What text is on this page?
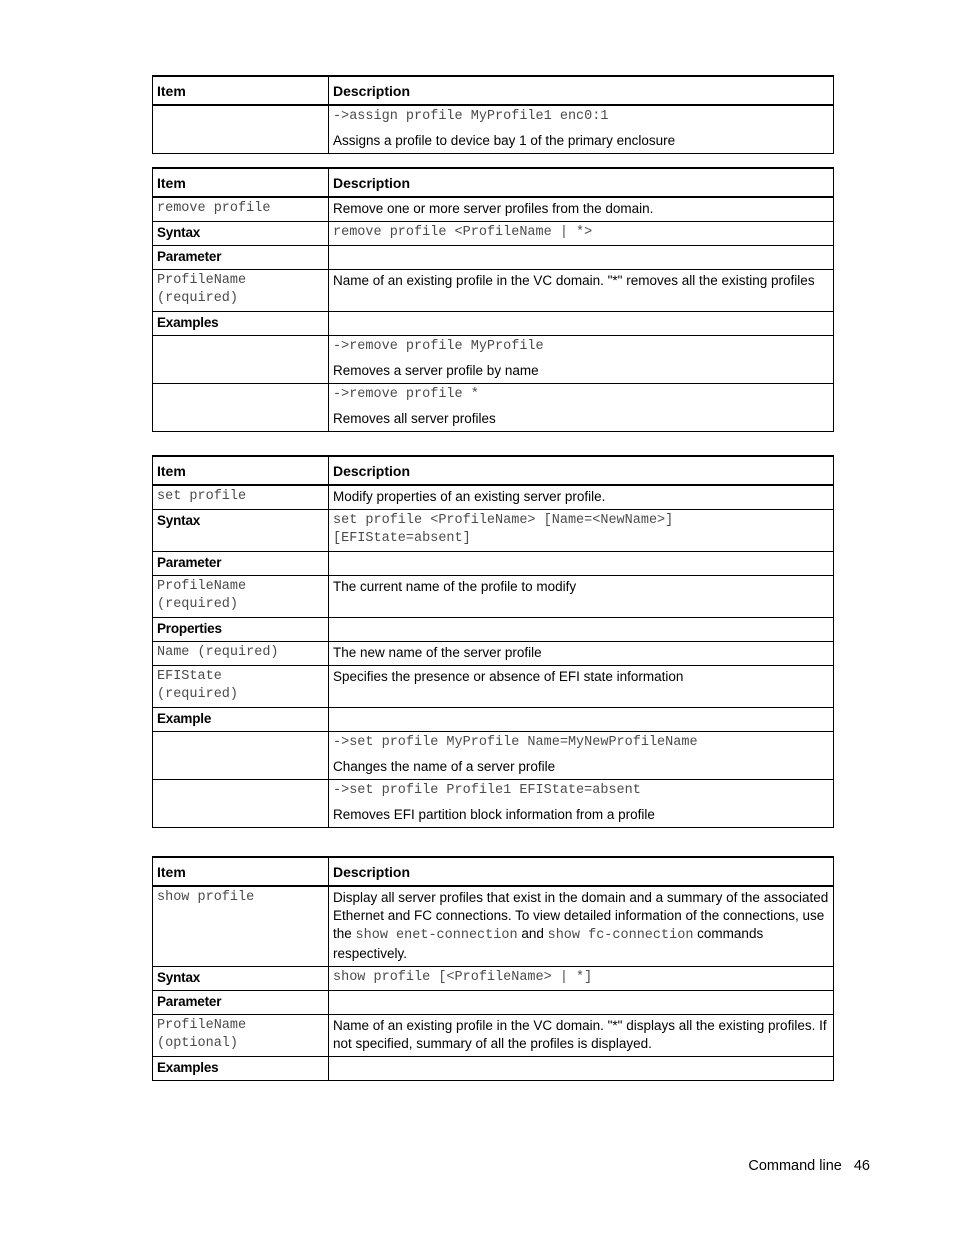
Item	Description

	->assign profile MyProfile1 enc0:1
Assigns a profile to device bay 1 of the primary enclosure
Item	Description
remove profile	Remove one or more server profiles from the domain.
Syntax	remove profile <ProfileName | *>
Parameter	
ProfileName
(required)	Name of an existing profile in the VC domain. "*" removes all the existing profiles
Examples	

	->remove profile MyProfile
Removes a server profile by name

	->remove profile *
Removes all server profiles
Item	Description
set profile	Modify properties of an existing server profile.
Syntax	set profile <ProfileName> [Name=<NewName>]
[EFIState=absent]
Parameter	
ProfileName
(required)	The current name of the profile to modify
Properties	
Name (required)	The new name of the server profile
EFIState
(required)	Specifies the presence or absence of EFI state information
Example	

	->set profile MyProfile Name=MyNewProfileName
Changes the name of a server profile

	->set profile Profile1 EFIState=absent
Removes EFI partition block information from a profile
Item	Description
show profile	Display all server profiles that exist in the domain and a summary of the associated Ethernet and FC connections. To view detailed information of the connections, use the show enet-connection and show fc-connection commands respectively.
Syntax	show profile [<ProfileName> | *]
Parameter	
ProfileName
(optional)	Name of an existing profile in the VC domain. "*" displays all the existing profiles. If not specified, summary of all the profiles is displayed.
Examples	
Command line 46
